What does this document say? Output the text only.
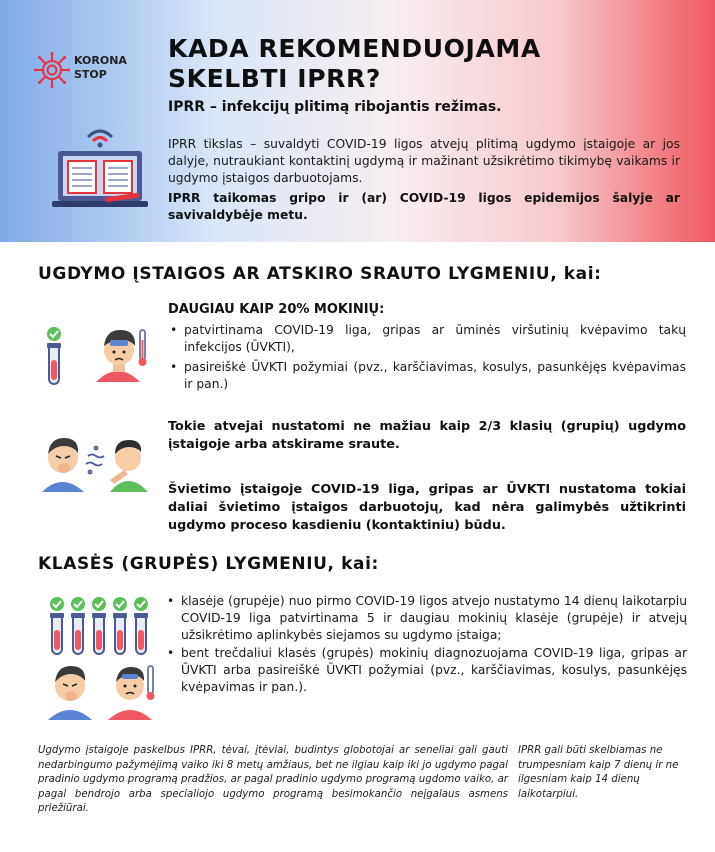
KORONA
STOP
KADA REKOMENDUOJAMA
SKELBTI IPRR?
IPRR – infekcijų plitimą ribojantis režimas.
IPRR tikslas – suvaldyti COVID-19 ligos atvejų plitimą ugdymo įstaigoje ar jos dalyje, nutraukiant kontaktinį ugdymą ir mažinant užsikrėtimo tikimybę vaikams ir ugdymo įstaigos darbuotojams.
IPRR taikomas gripo ir (ar) COVID-19 ligos epidemijos šalyje ar savivaldybėje metu.
UGDYMO ĮSTAIGOS AR ATSKIRO SRAUTO LYGMENIU, kai:
DAUGIAU KAIP 20% MOKINIŲ:
• patvirtinama COVID-19 liga, gripas ar ūminės viršutinių kvėpavimo takų infekcijos (ŪVKTI),
• pasireiškė ŪVKTI požymiai (pvz., karščiavimas, kosulys, pasunkėjęs kvėpavimas ir pan.)
Tokie atvejai nustatomi ne mažiau kaip 2/3 klasių (grupių) ugdymo įstaigoje arba atskirame sraute.
Švietimo įstaigoje COVID-19 liga, gripas ar ŪVKTI nustatoma tokiai daliai švietimo įstaigos darbuotojų, kad nėra galimybės užtikrinti ugdymo proceso kasdieniu (kontaktiniu) būdu.
KLASĖS (GRUPĖS) LYGMENIU, kai:
• klasėje (grupėje) nuo pirmo COVID-19 ligos atvejo nustatymo 14 dienų laikotarpiu COVID-19 liga patvirtinama 5 ir daugiau mokinių klasėje (grupėje) ir atvejų užsikrėtimo aplinkybės siejamos su ugdymo įstaiga;
• bent trečdaliui klasės (grupės) mokinių diagnozuojama COVID-19 liga, gripas ar ŪVKTI arba pasireiškė ŪVKTI požymiai (pvz., karščiavimas, kosulys, pasunkėjęs kvėpavimas ir pan.).
Ugdymo įstaigoje paskelbus IPRR, tėvai, įtėviai, budintys globotojai ar seneliai gali gauti nedarbingumo pažymėjimą vaiko iki 8 metų amžiaus, bet ne ilgiau kaip iki jo ugdymo pagal pradinio ugdymo programą pradžios, ar pagal pradinio ugdymo programą ugdomo vaiko, ar pagal bendrojo arba specialiojo ugdymo programą besimokančio neįgalaus asmens priežiūrai.
IPRR gali būti skelbiamas ne trumpesniam kaip 7 dienų ir ne ilgesniam kaip 14 dienų laikotarpiui.
